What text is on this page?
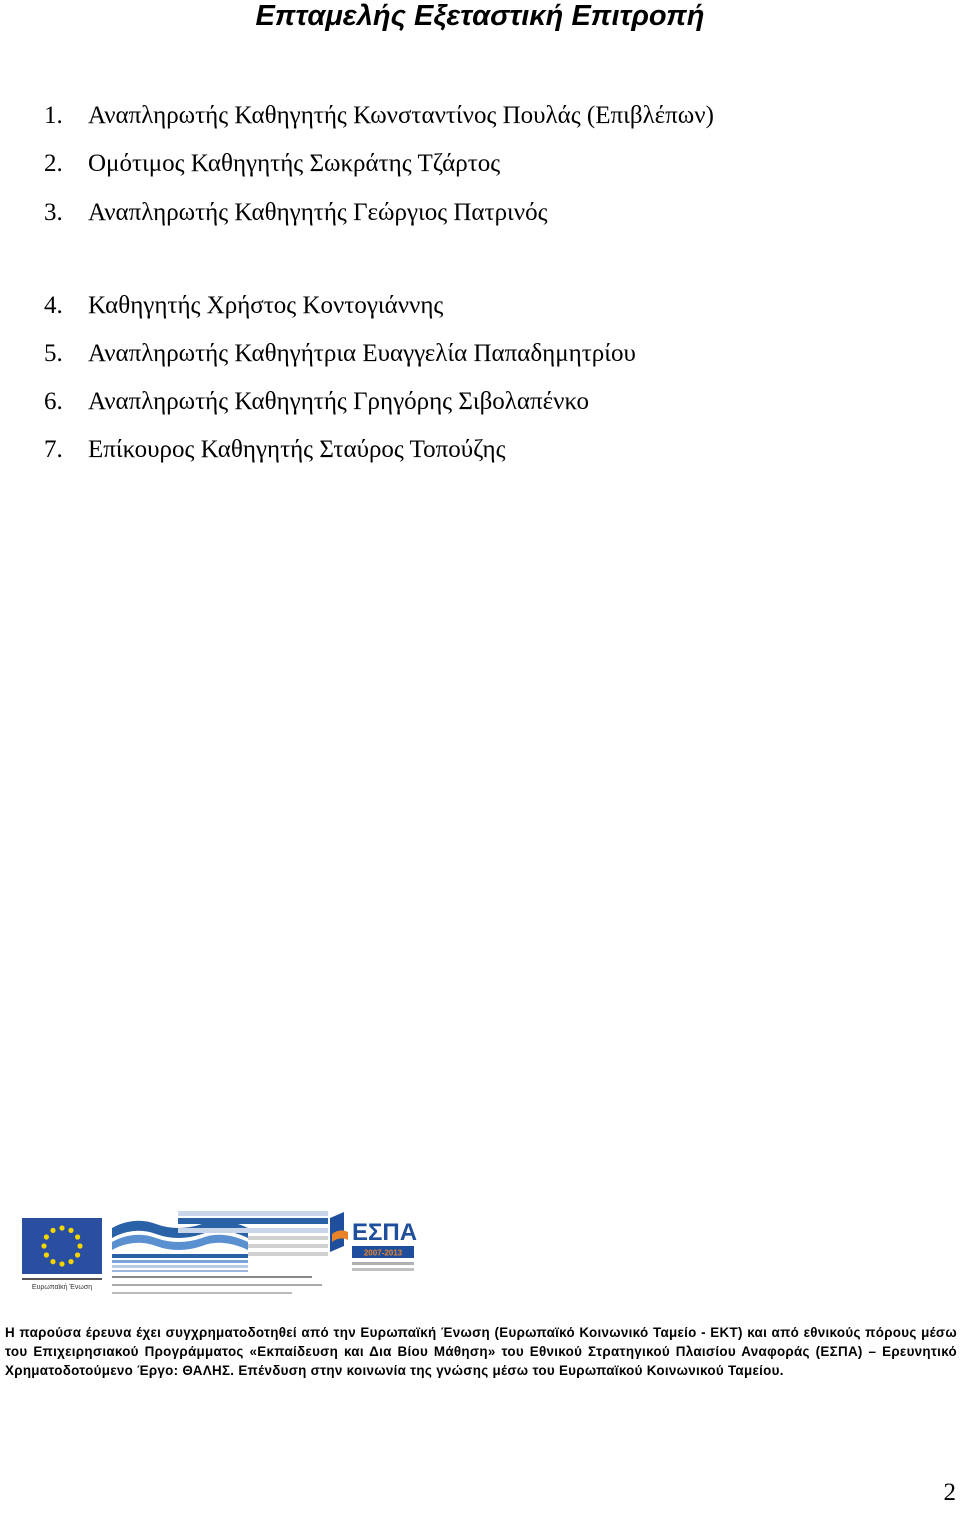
Επταμελής Εξεταστική Επιτροπή
1. Αναπληρωτής Καθηγητής Κωνσταντίνος Πουλάς (Επιβλέπων)
2. Ομότιμος Καθηγητής Σωκράτης Τζάρτος
3. Αναπληρωτής Καθηγητής Γεώργιος Πατρινός
4. Καθηγητής Χρήστος Κοντογιάννης
5. Αναπληρωτής Καθηγήτρια Ευαγγελία Παπαδημητρίου
6. Αναπληρωτής Καθηγητής Γρηγόρης Σιβολαπένκο
7. Επίκουρος Καθηγητής Σταύρος Τοπούζης
Ευρωπαϊκή Ένωση
ΕΣΠΑ
2007-2013

Η παρούσα έρευνα έχει συγχρηματοδοτηθεί από την Ευρωπαϊκή Ένωση (Ευρωπαϊκό Κοινωνικό Ταμείο - ΕΚΤ) και από εθνικούς πόρους μέσω του Επιχειρησιακού Προγράμματος «Εκπαίδευση και Δια Βίου Μάθηση» του Εθνικού Στρατηγικού Πλαισίου Αναφοράς (ΕΣΠΑ) – Ερευνητικό Χρηματοδοτούμενο Έργο: ΘΑΛΗΣ. Επένδυση στην κοινωνία της γνώσης μέσω του Ευρωπαϊκού Κοινωνικού Ταμείου.

2
